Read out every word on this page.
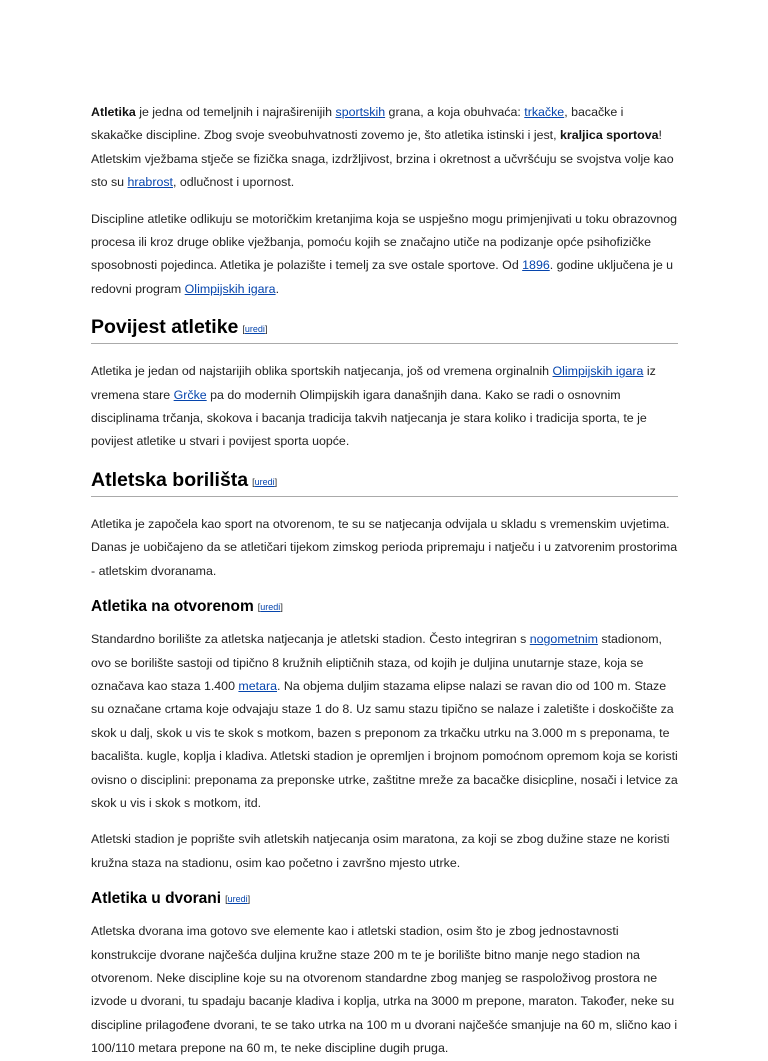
Atletika je jedna od temeljnih i najraširenijih sportskih grana, a koja obuhvaća: trkačke, bacačke i skakačke discipline. Zbog svoje sveobuhvatnosti zovemo je, što atletika istinski i jest, kraljica sportova! Atletskim vježbama stječe se fizička snaga, izdržljivost, brzina i okretnost a učvršćuju se svojstva volje kao sto su hrabrost, odlučnost i upornost.

Discipline atletike odlikuju se motoričkim kretanjima koja se uspješno mogu primjenjivati u toku obrazovnog procesa ili kroz druge oblike vježbanja, pomoću kojih se značajno utiče na podizanje opće psihofizičke sposobnosti pojedinca. Atletika je polazište i temelj za sve ostale sportove. Od 1896. godine uključena je u redovni program Olimpijskih igara.

Povijest atletike [uredi]

Atletika je jedan od najstarijih oblika sportskih natjecanja, još od vremena orginalnih Olimpijskih igara iz vremena stare Grčke pa do modernih Olimpijskih igara današnjih dana. Kako se radi o osnovnim disciplinama trčanja, skokova i bacanja tradicija takvih natjecanja je stara koliko i tradicija sporta, te je povijest atletike u stvari i povijest sporta uopće.

Atletska borilišta [uredi]

Atletika je započela kao sport na otvorenom, te su se natjecanja odvijala u skladu s vremenskim uvjetima. Danas je uobičajeno da se atletičari tijekom zimskog perioda pripremaju i natječu i u zatvorenim prostorima - atletskim dvoranama.

Atletika na otvorenom [uredi]

Standardno borilište za atletska natjecanja je atletski stadion. Često integriran s nogometnim stadionom, ovo se borilište sastoji od tipično 8 kružnih eliptičnih staza, od kojih je duljina unutarnje staze, koja se označava kao staza 1.400 metara. Na objema duljim stazama elipse nalazi se ravan dio od 100 m. Staze su označane crtama koje odvajaju staze 1 do 8. Uz samu stazu tipično se nalaze i zaletište i doskočište za skok u dalj, skok u vis te skok s motkom, bazen s preponom za trkačku utrku na 3.000 m s preponama, te bacališta. kugle, koplja i kladiva. Atletski stadion je opremljen i brojnom pomoćnom opremom koja se koristi ovisno o disciplini: preponama za preponske utrke, zaštitne mreže za bacačke disicpline, nosači i letvice za skok u vis i skok s motkom, itd.

Atletski stadion je poprište svih atletskih natjecanja osim maratona, za koji se zbog dužine staze ne koristi kružna staza na stadionu, osim kao početno i završno mjesto utrke.

Atletika u dvorani [uredi]

Atletska dvorana ima gotovo sve elemente kao i atletski stadion, osim što je zbog jednostavnosti konstrukcije dvorane najčešća duljina kružne staze 200 m te je borilište bitno manje nego stadion na otvorenom. Neke discipline koje su na otvorenom standardne zbog manjeg se raspoloživog prostora ne izvode u dvorani, tu spadaju bacanje kladiva i koplja, utrka na 3000 m prepone, maraton. Također, neke su discipline prilagođene dvorani, te se tako utrka na 100 m u dvorani najčešće smanjuje na 60 m, slično kao i 100/110 metara prepone na 60 m, te neke discipline dugih pruga.
